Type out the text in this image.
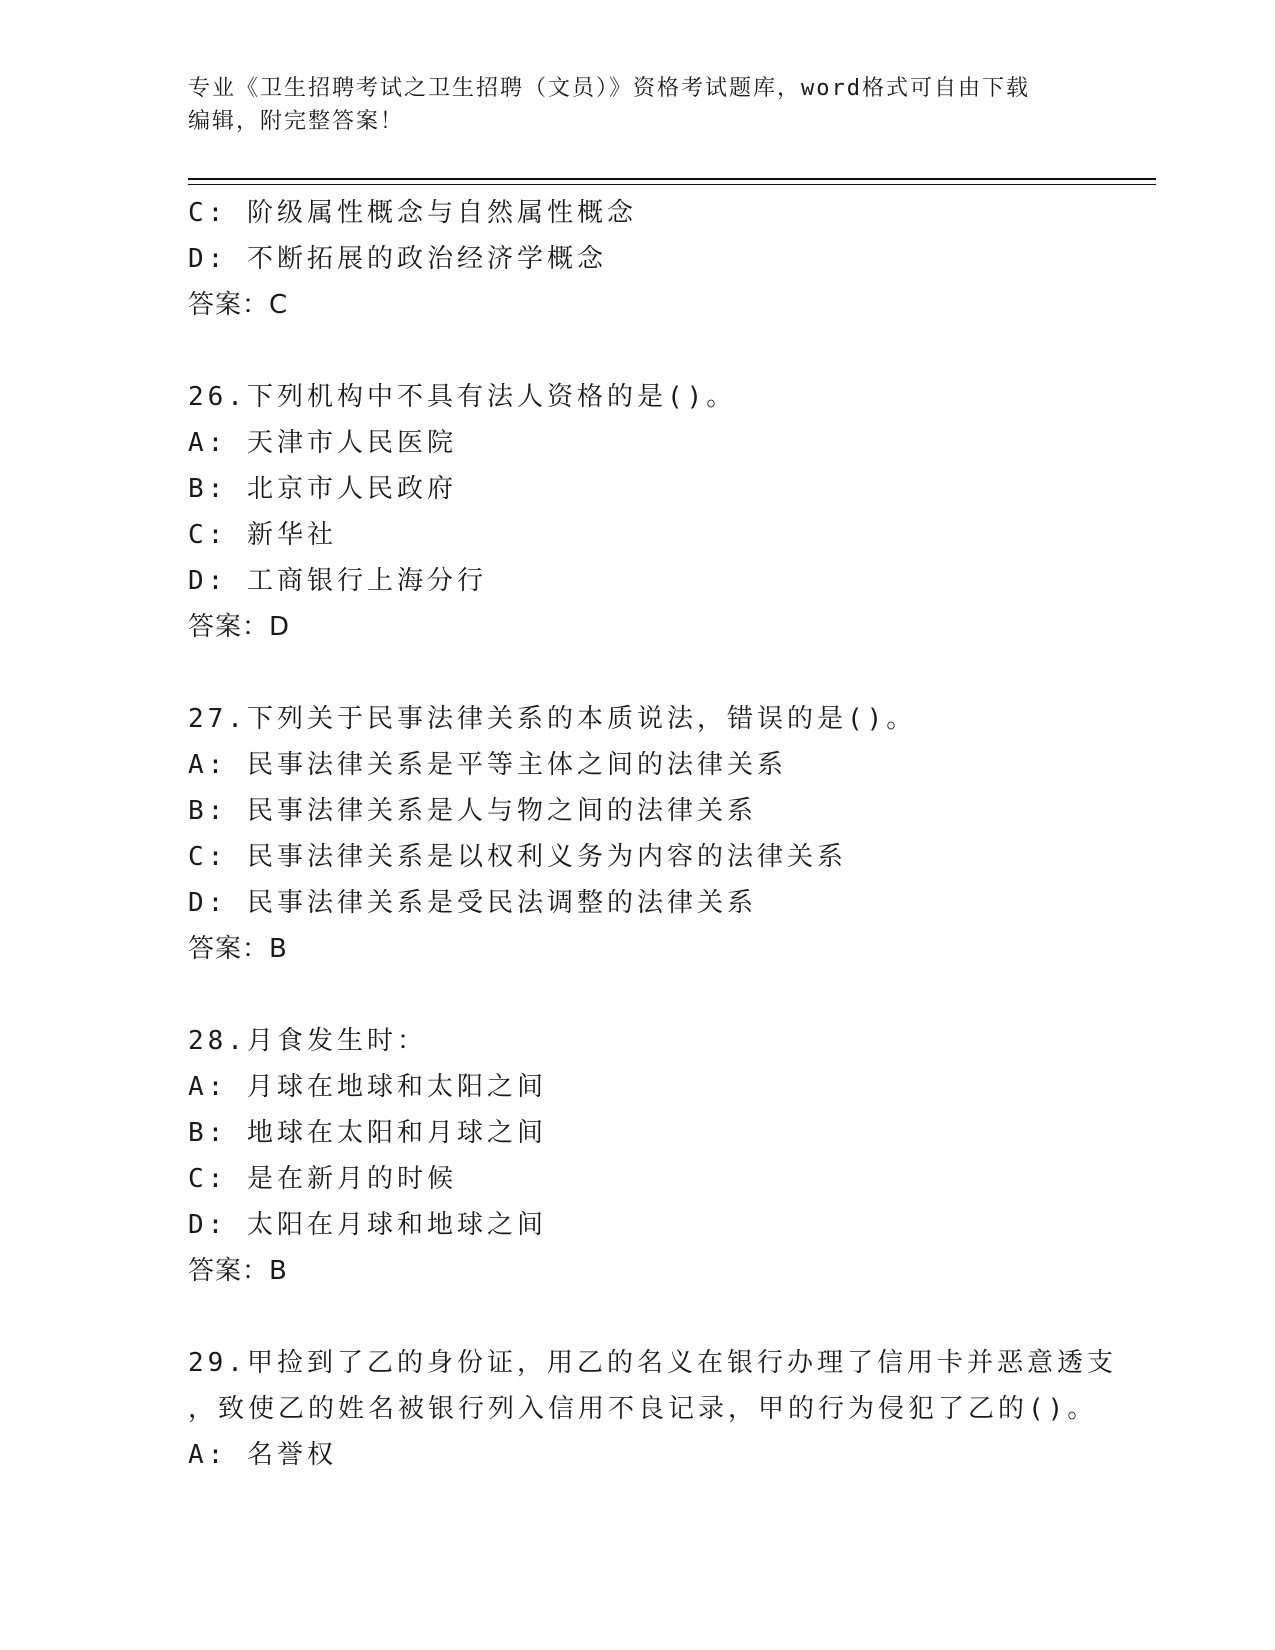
专业《卫生招聘考试之卫生招聘（文员）》资格考试题库，word格式可自由下载
编辑，附完整答案！
C: 阶级属性概念与自然属性概念
D: 不断拓展的政治经济学概念
答案：C
26.下列机构中不具有法人资格的是()。
A: 天津市人民医院
B: 北京市人民政府
C: 新华社
D: 工商银行上海分行
答案：D
27.下列关于民事法律关系的本质说法，错误的是()。
A: 民事法律关系是平等主体之间的法律关系
B: 民事法律关系是人与物之间的法律关系
C: 民事法律关系是以权利义务为内容的法律关系
D: 民事法律关系是受民法调整的法律关系
答案：B
28.月食发生时：
A: 月球在地球和太阳之间
B: 地球在太阳和月球之间
C: 是在新月的时候
D: 太阳在月球和地球之间
答案：B
29.甲捡到了乙的身份证，用乙的名义在银行办理了信用卡并恶意透支
，致使乙的姓名被银行列入信用不良记录，甲的行为侵犯了乙的()。
A: 名誉权
